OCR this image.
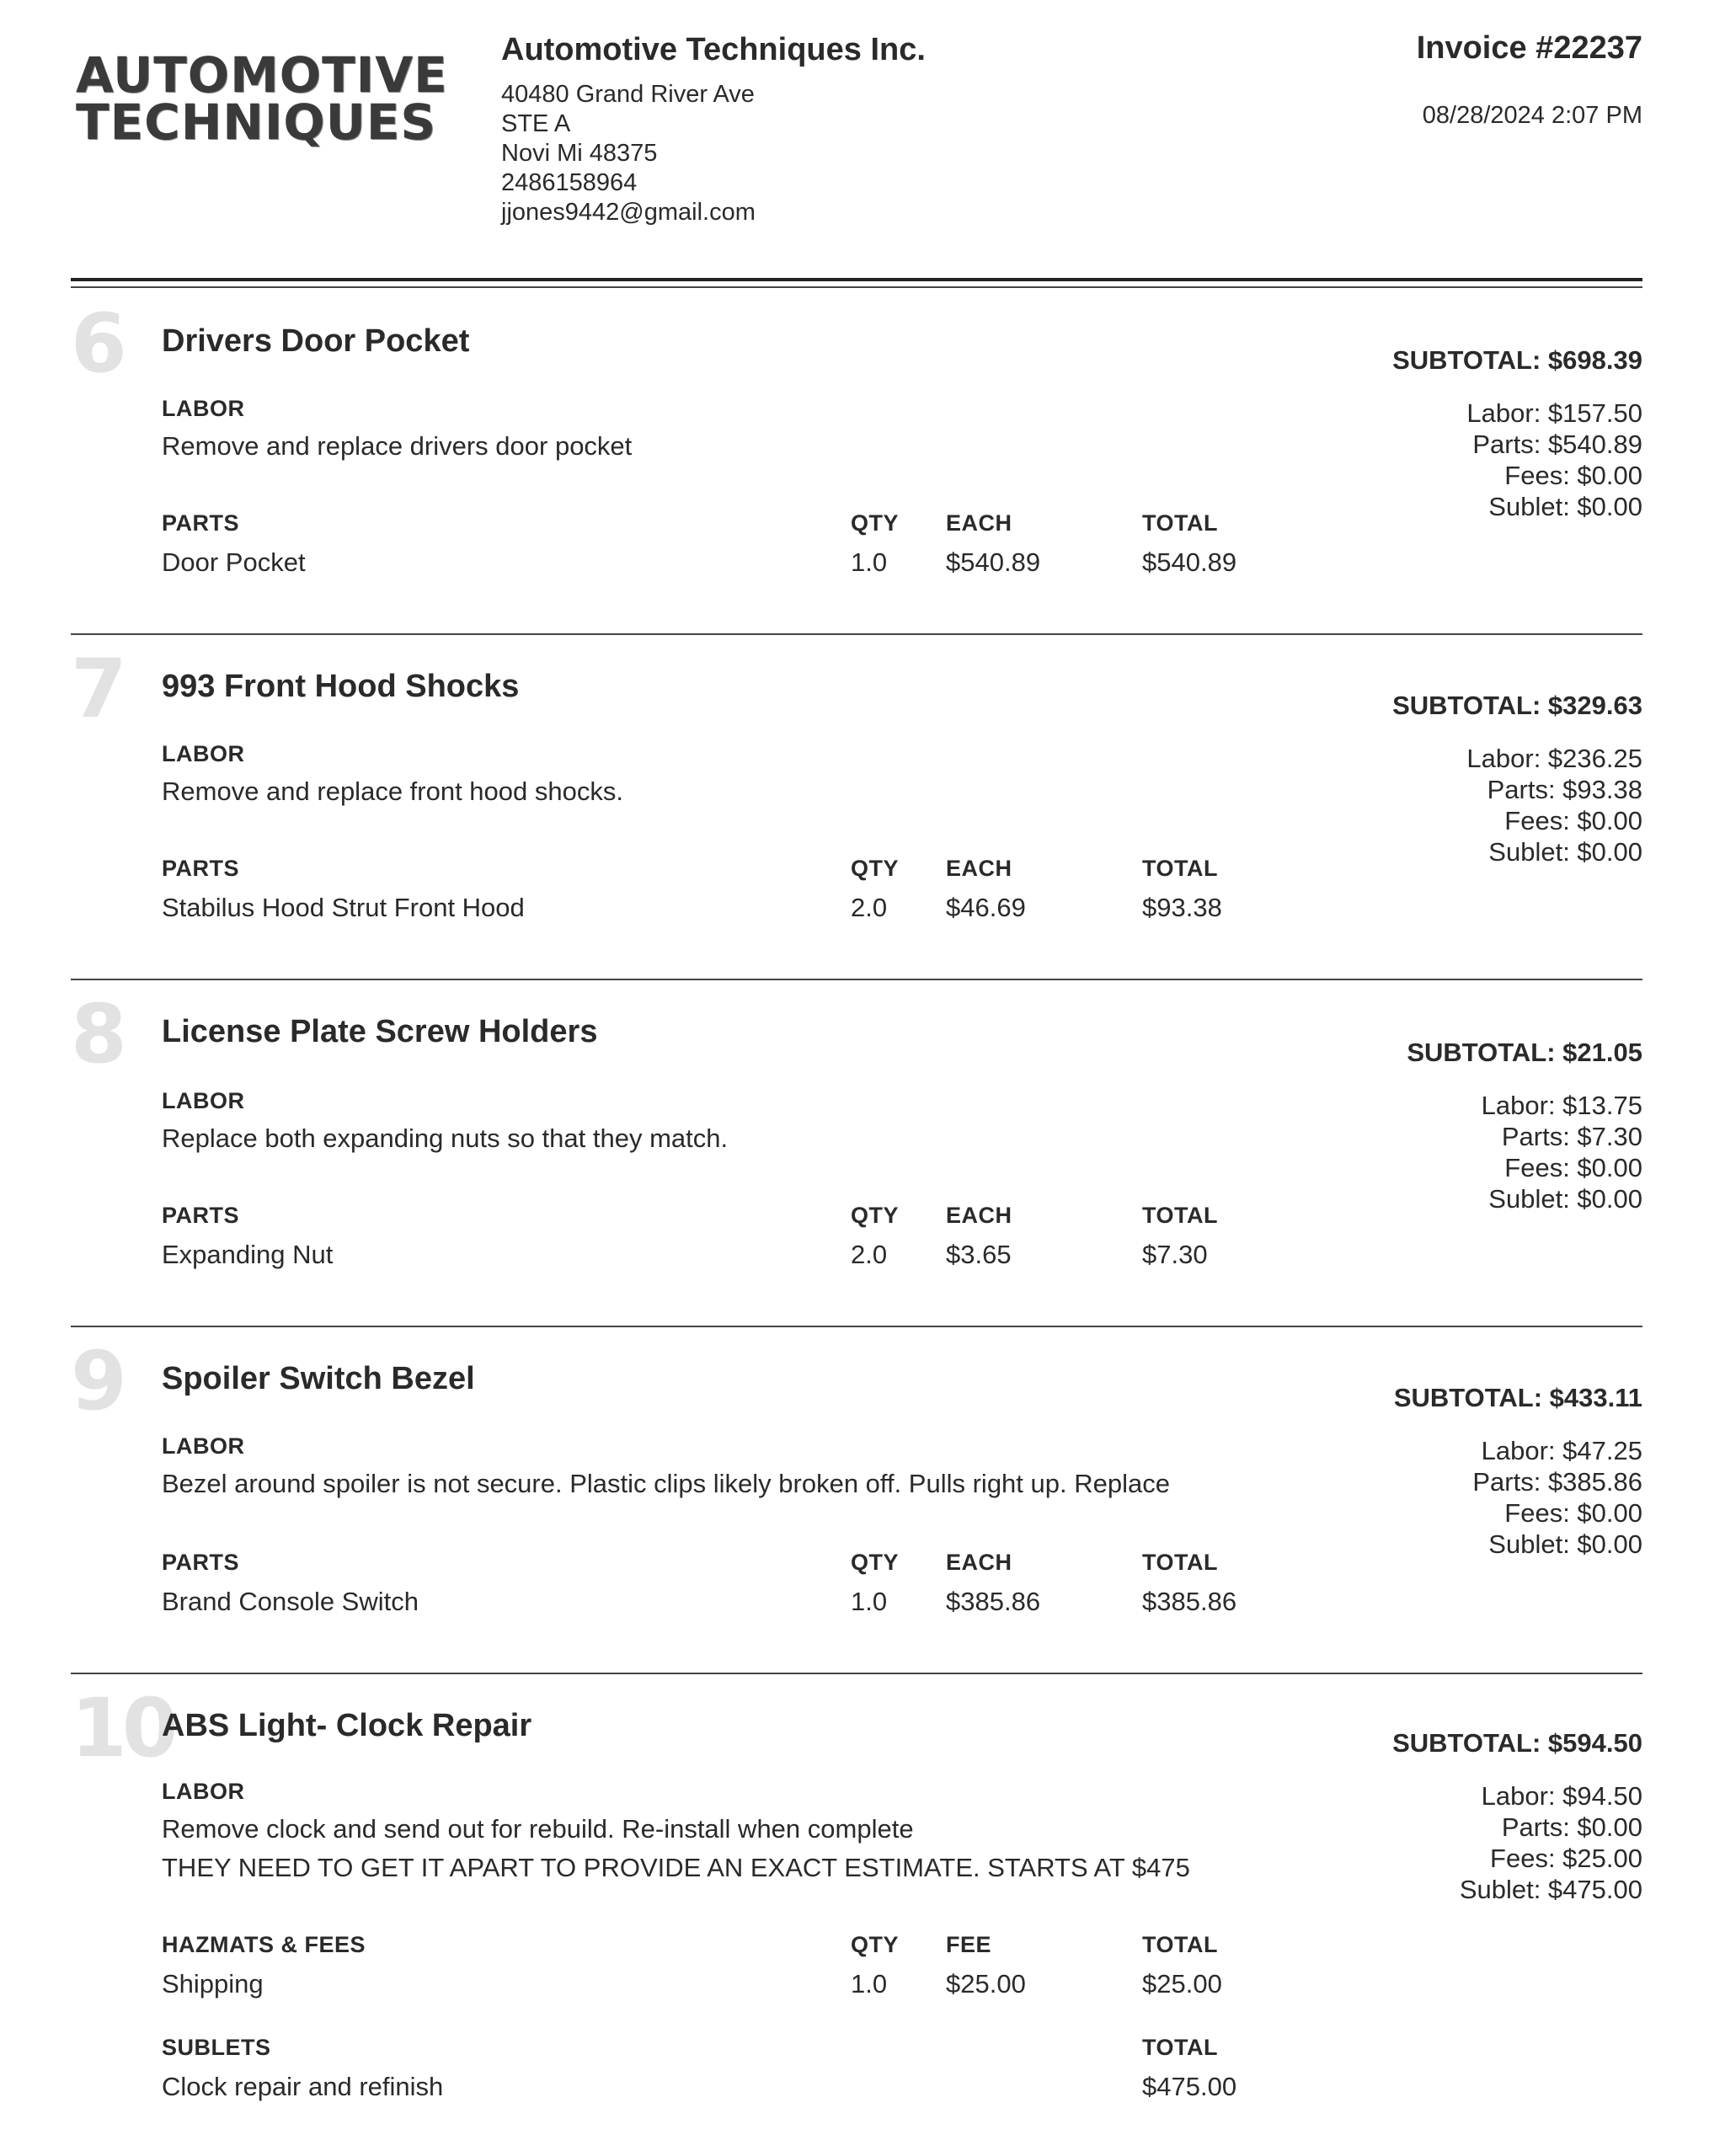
AUTOMOTIVE
TECHNIQUES
Automotive Techniques Inc.
40480 Grand River Ave
STE A
Novi Mi 48375
2486158964
jjones9442@gmail.com
Invoice #22237
08/28/2024 2:07 PM
6 Drivers Door Pocket
LABOR
Remove and replace drivers door pocket
PARTS	QTY EACH	TOTAL
Door Pocket	1.0 $540.89	$540.89
SUBTOTAL: $698.39
Labor: $157.50
Parts: $540.89
Fees: $0.00
Sublet: $0.00
7 993 Front Hood Shocks
LABOR
Remove and replace front hood shocks.
PARTS	QTY EACH	TOTAL
Stabilus Hood Strut Front Hood	2.0 $46.69	$93.38
SUBTOTAL: $329.63
Labor: $236.25
Parts: $93.38
Fees: $0.00
Sublet: $0.00
8 License Plate Screw Holders
LABOR
Replace both expanding nuts so that they match.
PARTS	QTY EACH	TOTAL
Expanding Nut	2.0 $3.65	$7.30
SUBTOTAL: $21.05
Labor: $13.75
Parts: $7.30
Fees: $0.00
Sublet: $0.00
9 Spoiler Switch Bezel
LABOR
Bezel around spoiler is not secure. Plastic clips likely broken off. Pulls right up. Replace
PARTS	QTY EACH	TOTAL
Brand Console Switch	1.0 $385.86	$385.86
SUBTOTAL: $433.11
Labor: $47.25
Parts: $385.86
Fees: $0.00
Sublet: $0.00
10
ABS Light- Clock Repair
LABOR
Remove clock and send out for rebuild. Re-install when complete
THEY NEED TO GET IT APART TO PROVIDE AN EXACT ESTIMATE. STARTS AT $475
HAZMATS & FEES	QTY FEE	TOTAL
Shipping	1.0 $25.00	$25.00
SUBLETS	TOTAL
Clock repair and refinish	$475.00
SUBTOTAL: $594.50
Labor: $94.50
Parts: $0.00
Fees: $25.00
Sublet: $475.00
